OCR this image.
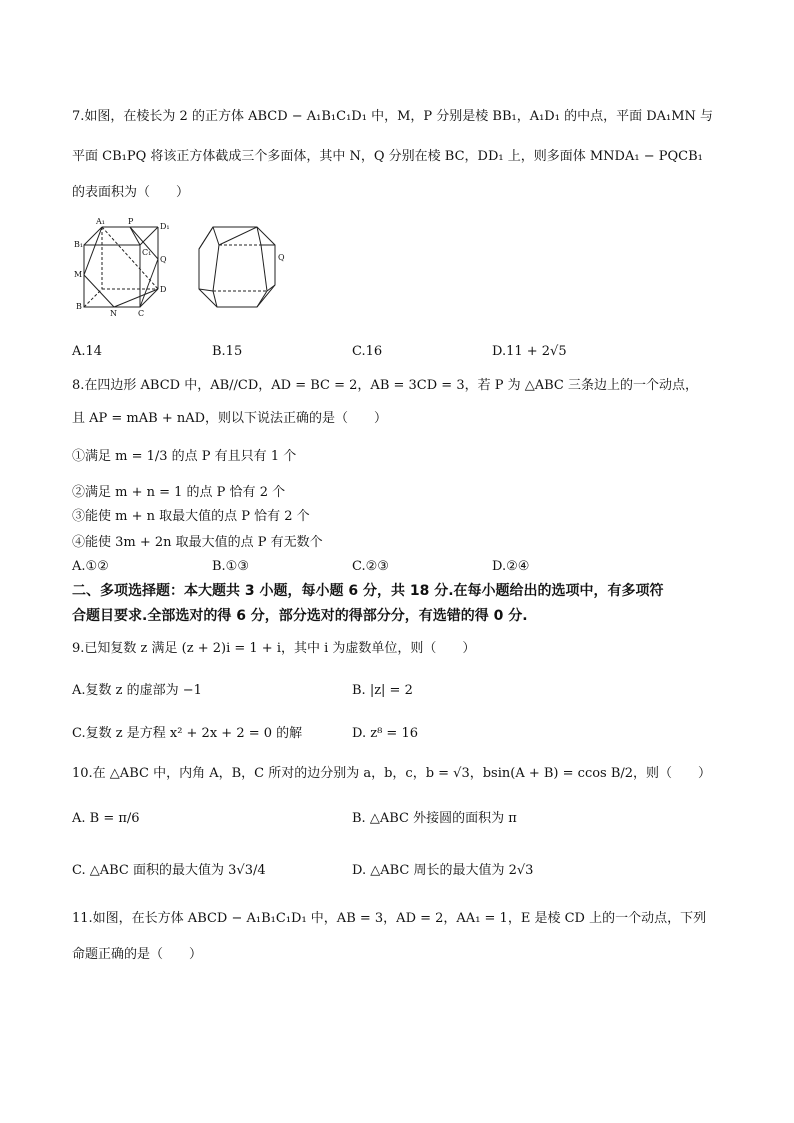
7.如图，在棱长为 2 的正方体 ABCD − A₁B₁C₁D₁ 中，M，P 分别是棱 BB₁，A₁D₁ 的中点，平面 DA₁MN 与
平面 CB₁PQ 将该正方体截成三个多面体，其中 N，Q 分别在棱 BC，DD₁ 上，则多面体 MNDA₁ − PQCB₁
的表面积为（　　）
A₁	P
D₁
B₁
C₁
Q
M
D
B
N	C
Q
A.14	B.15	C.16	D.11 + 2√5
8.在四边形 ABCD 中，AB//CD，AD = BC = 2，AB = 3CD = 3，若 P 为 △ABC 三条边上的一个动点，
且 AP = mAB + nAD，则以下说法正确的是（　　）
①满足 m = 1/3 的点 P 有且只有 1 个
②满足 m + n = 1 的点 P 恰有 2 个
③能使 m + n 取最大值的点 P 恰有 2 个
④能使 3m + 2n 取最大值的点 P 有无数个
A.①②	B.①③	C.②③	D.②④
二、多项选择题：本大题共 3 小题，每小题 6 分，共 18 分.在每小题给出的选项中，有多项符
合题目要求.全部选对的得 6 分，部分选对的得部分分，有选错的得 0 分.
9.已知复数 z 满足 (z + 2)i = 1 + i，其中 i 为虚数单位，则（　　）
A.复数 z 的虚部为 −1	B. |z| = 2
C.复数 z 是方程 x² + 2x + 2 = 0 的解	D. z⁸ = 16
10.在 △ABC 中，内角 A，B，C 所对的边分别为 a，b，c，b = √3，bsin(A + B) = ccos B/2，则（　　）
A. B = π/6	B. △ABC 外接圆的面积为 π
C. △ABC 面积的最大值为 3√3/4	D. △ABC 周长的最大值为 2√3
11.如图，在长方体 ABCD − A₁B₁C₁D₁ 中，AB = 3，AD = 2，AA₁ = 1，E 是棱 CD 上的一个动点，下列
命题正确的是（　　）
